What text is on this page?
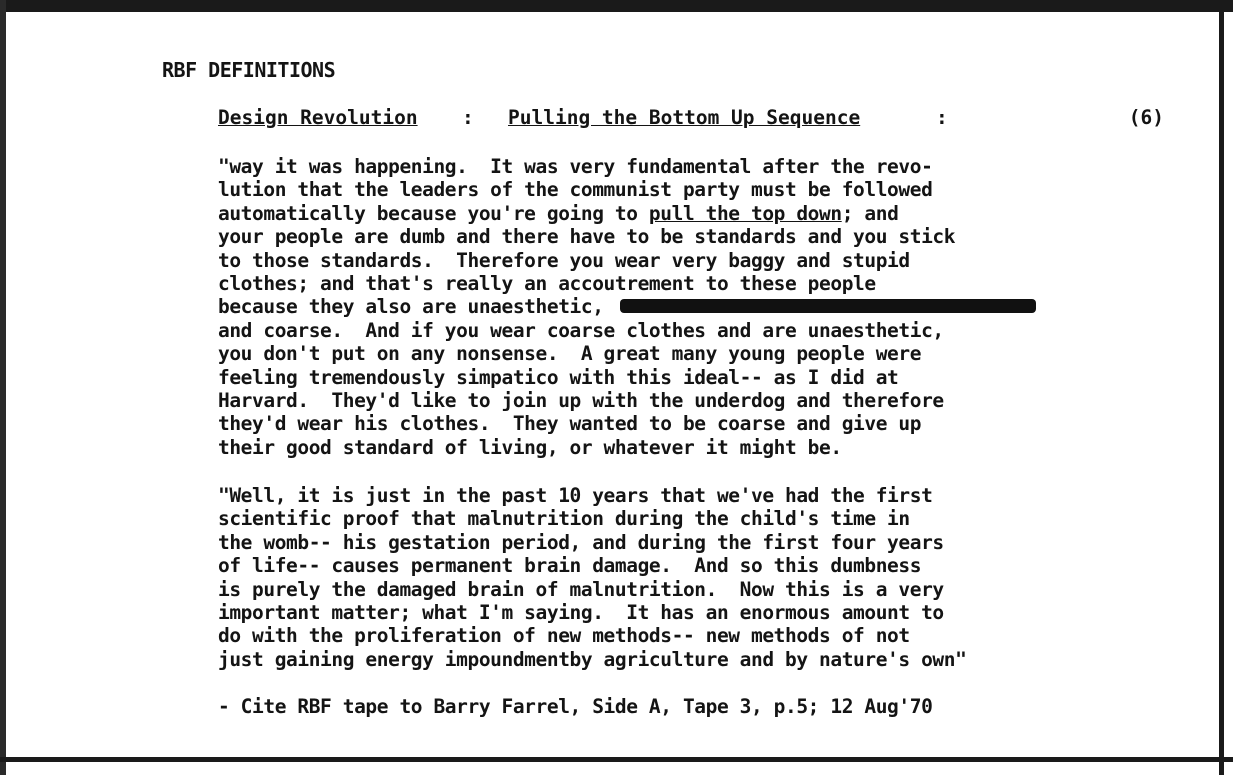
RBF DEFINITIONS
Design Revolution : Pulling the Bottom Up Sequence	:	(6)
"way it was happening.  It was very fundamental after the revo-
lution that the leaders of the communist party must be followed
automatically because you're going to pull the top down; and
your people are dumb and there have to be standards and you stick
to those standards.  Therefore you wear very baggy and stupid
clothes; and that's really an accoutrement to these people
because they also are unaesthetic,
and coarse.  And if you wear coarse clothes and are unaesthetic,
you don't put on any nonsense.  A great many young people were
feeling tremendously simpatico with this ideal-- as I did at
Harvard.  They'd like to join up with the underdog and therefore
they'd wear his clothes.  They wanted to be coarse and give up
their good standard of living, or whatever it might be.
"Well, it is just in the past 10 years that we've had the first
scientific proof that malnutrition during the child's time in
the womb-- his gestation period, and during the first four years
of life-- causes permanent brain damage.  And so this dumbness
is purely the damaged brain of malnutrition.  Now this is a very
important matter; what I'm saying.  It has an enormous amount to
do with the proliferation of new methods-- new methods of not
just gaining energy impoundmentby agriculture and by nature's own"
- Cite RBF tape to Barry Farrel, Side A, Tape 3, p.5; 12 Aug'70
